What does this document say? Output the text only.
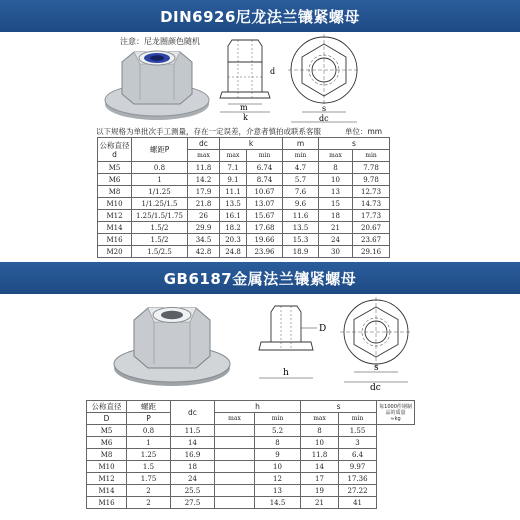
DIN6926尼龙法兰镶紧螺母
m
k
d
s
dc
注意：尼龙圈颜色随机
以下规格为单批次手工测量，存在一定误差，介意者慎拍或联系客服	单位：mm
公称直径 d	螺距P	dc	k		m	s	
		max	max	min	min	max	min
M5	0.8	11.8	7.1	6.74	4.7	8	7.78
M6	1	14.2	9.1	8.74	5.7	10	9.78
M8	1/1.25	17.9	11.1	10.67	7.6	13	12.73
M10	1/1.25/1.5	21.8	13.5	13.07	9.6	15	14.73
M12	1.25/1.5/1.75	26	16.1	15.67	11.6	18	17.73
M14	1.5/2	29.9	18.2	17.68	13.5	21	20.67
M16	1.5/2	34.5	20.3	19.66	15.3	24	23.67
M20	1.5/2.5	42.8	24.8	23.96	18.9	30	29.16
GB6187金属法兰镶紧螺母
D
h	s
dc
公称直径	螺距	dc	h		s		每1000件钢制品的质量
≈kg
D	P		max	min	max	min	
M5	0.8	11.5		5.2	8	1.55	
M6	1	14		8	10	3	
M8	1.25	16.9		9	11.8	6.4	
M10	1.5	18		10	14	9.97	
M12	1.75	24		12	17	17.36	
M14	2	25.5		13	19	27.22	
M16	2	27.5		14.5	21	41	
